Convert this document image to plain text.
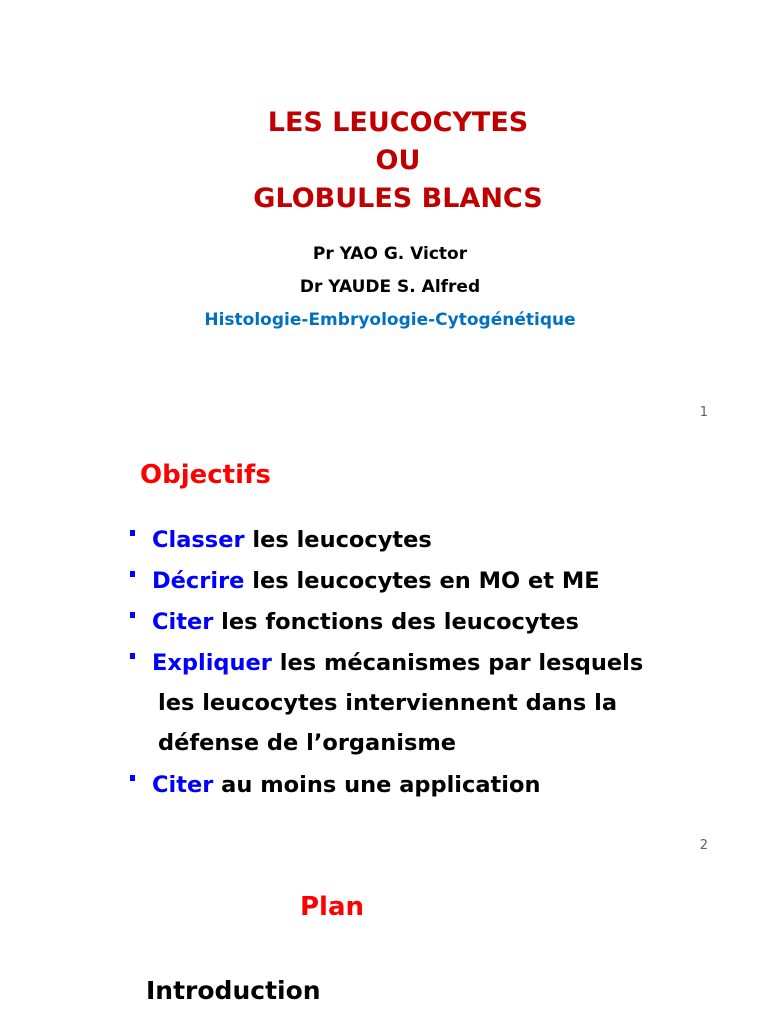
LES LEUCOCYTES
OU
GLOBULES BLANCS
Pr YAO G. Victor
Dr YAUDE S. Alfred
Histologie-Embryologie-Cytogénétique
1
Objectifs
Classer les leucocytes
Décrire les leucocytes en MO et ME
Citer les fonctions des leucocytes
Expliquer les mécanismes par lesquels
les leucocytes interviennent dans la
défense de l’organisme
Citer au moins une application
2
Plan
Introduction
